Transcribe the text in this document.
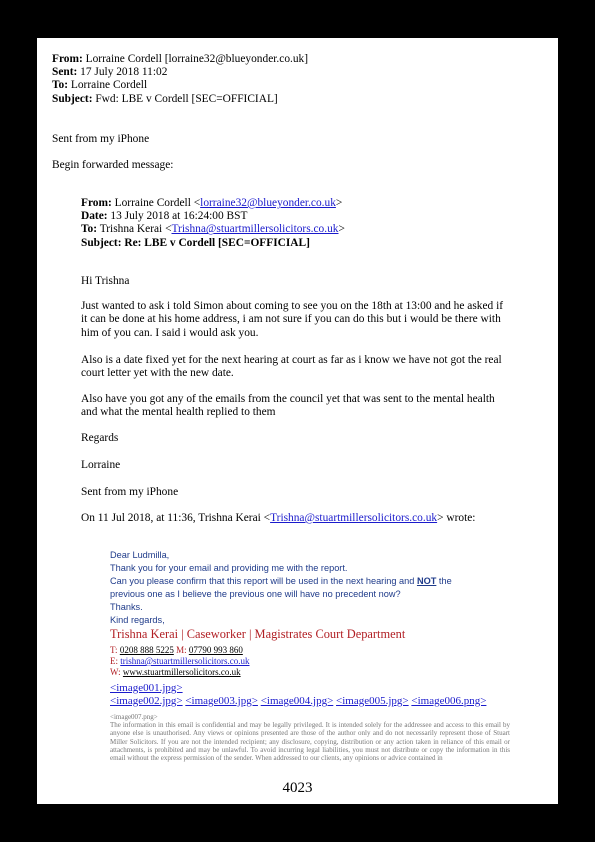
From: Lorraine Cordell [lorraine32@blueyonder.co.uk]
Sent: 17 July 2018 11:02
To: Lorraine Cordell
Subject: Fwd: LBE v Cordell [SEC=OFFICIAL]

Sent from my iPhone

Begin forwarded message:

From: Lorraine Cordell <lorraine32@blueyonder.co.uk>
Date: 13 July 2018 at 16:24:00 BST
To: Trishna Kerai <Trishna@stuartmillersolicitors.co.uk>
Subject: Re: LBE v Cordell [SEC=OFFICIAL]

Hi Trishna

Just wanted to ask i told Simon about coming to see you on the 18th at 13:00 and he asked if it can be done at his home address, i am not sure if you can do this but i would be there with him of you can. I said i would ask you.

Also is a date fixed yet for the next hearing at court as far as i know we have not got the real court letter yet with the new date.

Also have you got any of the emails from the council yet that was sent to the mental health and what the mental health replied to them

Regards

Lorraine

Sent from my iPhone

On 11 Jul 2018, at 11:36, Trishna Kerai <Trishna@stuartmillersolicitors.co.uk> wrote:

Dear Ludmilla,
Thank you for your email and providing me with the report.
Can you please confirm that this report will be used in the next hearing and NOT the
previous one as I believe the previous one will have no precedent now?
Thanks.
Kind regards,
Trishna Kerai | Caseworker | Magistrates Court Department
T: 0208 888 5225 M: 07790 993 860
E: trishna@stuartmillersolicitors.co.uk
W: www.stuartmillersolicitors.co.uk
<image001.jpg>
<image002.jpg> <image003.jpg> <image004.jpg> <image005.jpg> <image006.png>
<image007.png>
The information in this email is confidential and may be legally privileged. It is intended solely for the addressee and access to this email by anyone else is unauthorised. Any views or opinions presented are those of the author only and do not necessarily represent those of Stuart Miller Solicitors. If you are not the intended recipient; any disclosure, copying, distribution or any action taken in reliance of this email or attachments, is prohibited and may be unlawful. To avoid incurring legal liabilities, you must not distribute or copy the information in this email without the express permission of the sender. When addressed to our clients, any opinions or advice contained in
4023
